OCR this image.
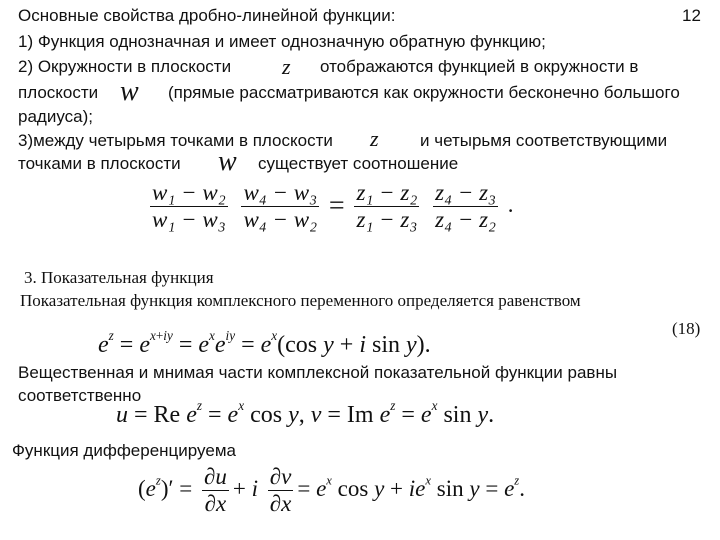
Основные свойства дробно-линейной функции:	12
1) Функция однозначная и имеет однозначную обратную функцию;
2) Окружности в плоскости z отображаются функцией в окружности в
плоскости w (прямые рассматриваются как окружности бесконечно большого
радиуса);
3)между четырьмя точками в плоскости z и четырьмя соответствующими
точками в плоскости w существует соотношение
$\frac{\text{w₁ − w₂}}{\text{w₁ − w₃}}$
$\frac{\text{w₄ − w₃}}{\text{w₄ − w₂}} = \frac{\text{z₁ − z₂}}{\text{z₁ − z₃}}$
$\frac{\text{z₄ − z₃}}{\text{z₄ − z₂}}$ .
3. Показательная функция
Показательная функция комплексного переменного определяется равенством
(18)
$e^z = e^{x+iy} = e^xe^{iy} = e^x(\cos$ y + i sin y).
Вещественная и мнимая части комплексной показательной функции равны
соответственно
u = Re $e^z = e^x$ cos y, v = Im $e^z = e^x$ sin y.
Функция дифференцируема
$(e^z)' = \frac{\partial u}{\partial x} + i \frac{\partial v}{\partial x} = e^x$ $\cos y + ie^x$ $\sin y = e^z$.
